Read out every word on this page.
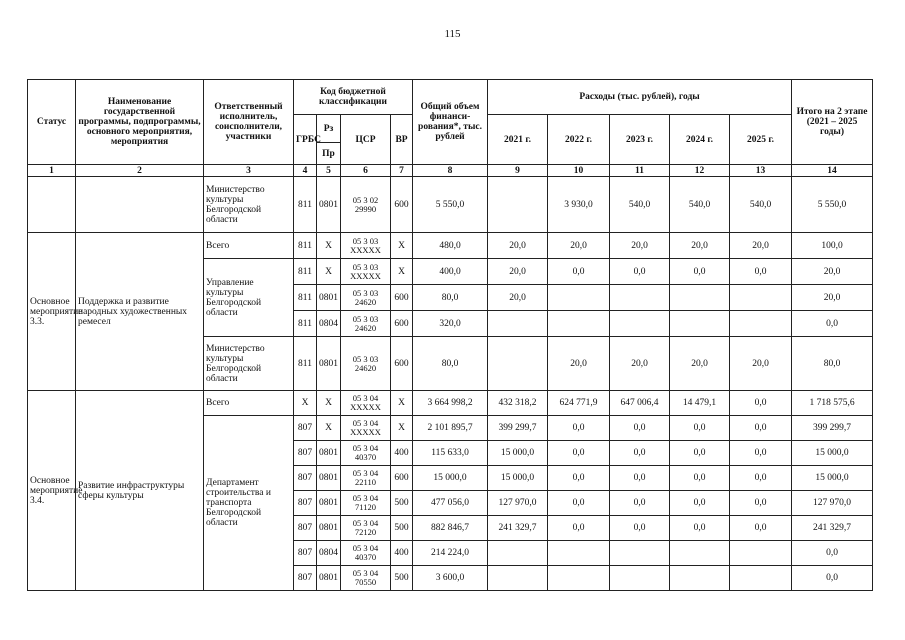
115
Статус	Наименование государственной программы, подпрограммы, основного мероприятия, мероприятия	Ответственный исполнитель, соисполнители, участники	Код бюджетной классификации				Общий объем финанси-рования*, тыс. рублей	Расходы (тыс. рублей), годы					Итого на 2 этапе (2021 – 2025 годы)
			ГРБС	Рз	ЦСР	ВР		2021 г.	2022 г.	2023 г.	2024 г.	2025 г.	
				Пр									
1	2	3	4	5	6	7	8	9	10	11	12	13	14
		Министерство культуры Белгородской области	811	0801	05 3 02 29990	600	5 550,0		3 930,0	540,0	540,0	540,0	5 550,0
Основное мероприятие 3.3.	Поддержка и развитие народных художественных ремесел	Всего	811	Х	05 3 03 ХХХХХ	Х	480,0	20,0	20,0	20,0	20,0	20,0	100,0
		Управление культуры Белгородской области	811	Х	05 3 03 ХХХХХ	Х	400,0	20,0	0,0	0,0	0,0	0,0	20,0
			811	0801	05 3 03 24620	600	80,0	20,0					20,0
			811	0804	05 3 03 24620	600	320,0						0,0
		Министерство культуры Белгородской области	811	0801	05 3 03 24620	600	80,0		20,0	20,0	20,0	20,0	80,0
Основное мероприятие 3.4.	Развитие инфраструктуры сферы культуры	Всего	Х	Х	05 3 04 ХХХХХ	Х	3 664 998,2	432 318,2	624 771,9	647 006,4	14 479,1	0,0	1 718 575,6
		Департамент строительства и транспорта Белгородской области	807	Х	05 3 04 ХХХХХ	Х	2 101 895,7	399 299,7	0,0	0,0	0,0	0,0	399 299,7
			807	0801	05 3 04 40370	400	115 633,0	15 000,0	0,0	0,0	0,0	0,0	15 000,0
			807	0801	05 3 04 22110	600	15 000,0	15 000,0	0,0	0,0	0,0	0,0	15 000,0
			807	0801	05 3 04 71120	500	477 056,0	127 970,0	0,0	0,0	0,0	0,0	127 970,0
			807	0801	05 3 04 72120	500	882 846,7	241 329,7	0,0	0,0	0,0	0,0	241 329,7
			807	0804	05 3 04 40370	400	214 224,0						0,0
			807	0801	05 3 04 70550	500	3 600,0						0,0
